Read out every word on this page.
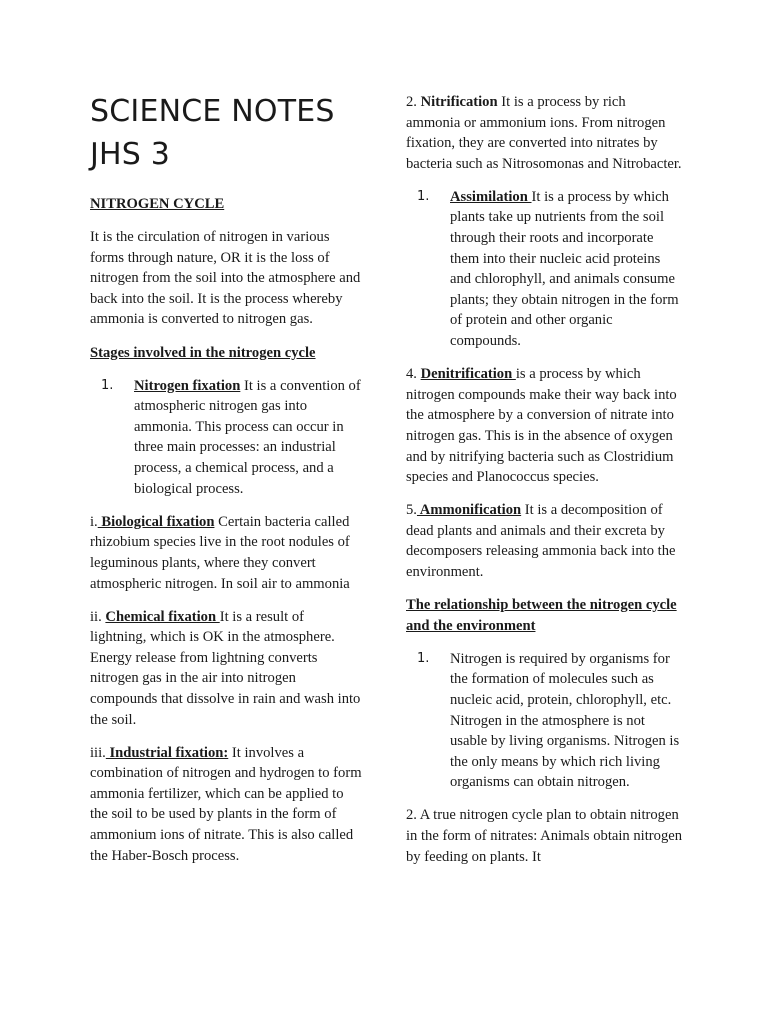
SCIENCE NOTES JHS 3

NITROGEN CYCLE

It is the circulation of nitrogen in various forms through nature, OR it is the loss of nitrogen from the soil into the atmosphere and back into the soil. It is the process whereby ammonia is converted to nitrogen gas.

Stages involved in the nitrogen cycle

1.	Nitrogen fixation It is a convention of atmospheric nitrogen gas into ammonia. This process can occur in three main processes: an industrial process, a chemical process, and a biological process.

i. Biological fixation Certain bacteria called rhizobium species live in the root nodules of leguminous plants, where they convert atmospheric nitrogen. In soil air to ammonia

ii. Chemical fixation It is a result of lightning, which is OK in the atmosphere. Energy release from lightning converts nitrogen gas in the air into nitrogen compounds that dissolve in rain and wash into the soil.

iii. Industrial fixation: It involves a combination of nitrogen and hydrogen to form ammonia fertilizer, which can be applied to the soil to be used by plants in the form of ammonium ions of nitrate. This is also called the Haber-Bosch process.

2. Nitrification It is a process by rich ammonia or ammonium ions. From nitrogen fixation, they are converted into nitrates by bacteria such as Nitrosomonas and Nitrobacter.

1.	Assimilation It is a process by which plants take up nutrients from the soil through their roots and incorporate them into their nucleic acid proteins and chlorophyll, and animals consume plants; they obtain nitrogen in the form of protein and other organic compounds.

4. Denitrification is a process by which nitrogen compounds make their way back into the atmosphere by a conversion of nitrate into nitrogen gas. This is in the absence of oxygen and by nitrifying bacteria such as Clostridium species and Planococcus species.

5. Ammonification It is a decomposition of dead plants and animals and their excreta by decomposers releasing ammonia back into the environment.

The relationship between the nitrogen cycle and the environment

1.	Nitrogen is required by organisms for the formation of molecules such as nucleic acid, protein, chlorophyll, etc. Nitrogen in the atmosphere is not usable by living organisms. Nitrogen is the only means by which rich living organisms can obtain nitrogen.

2. A true nitrogen cycle plan to obtain nitrogen in the form of nitrates: Animals obtain nitrogen by feeding on plants. It
